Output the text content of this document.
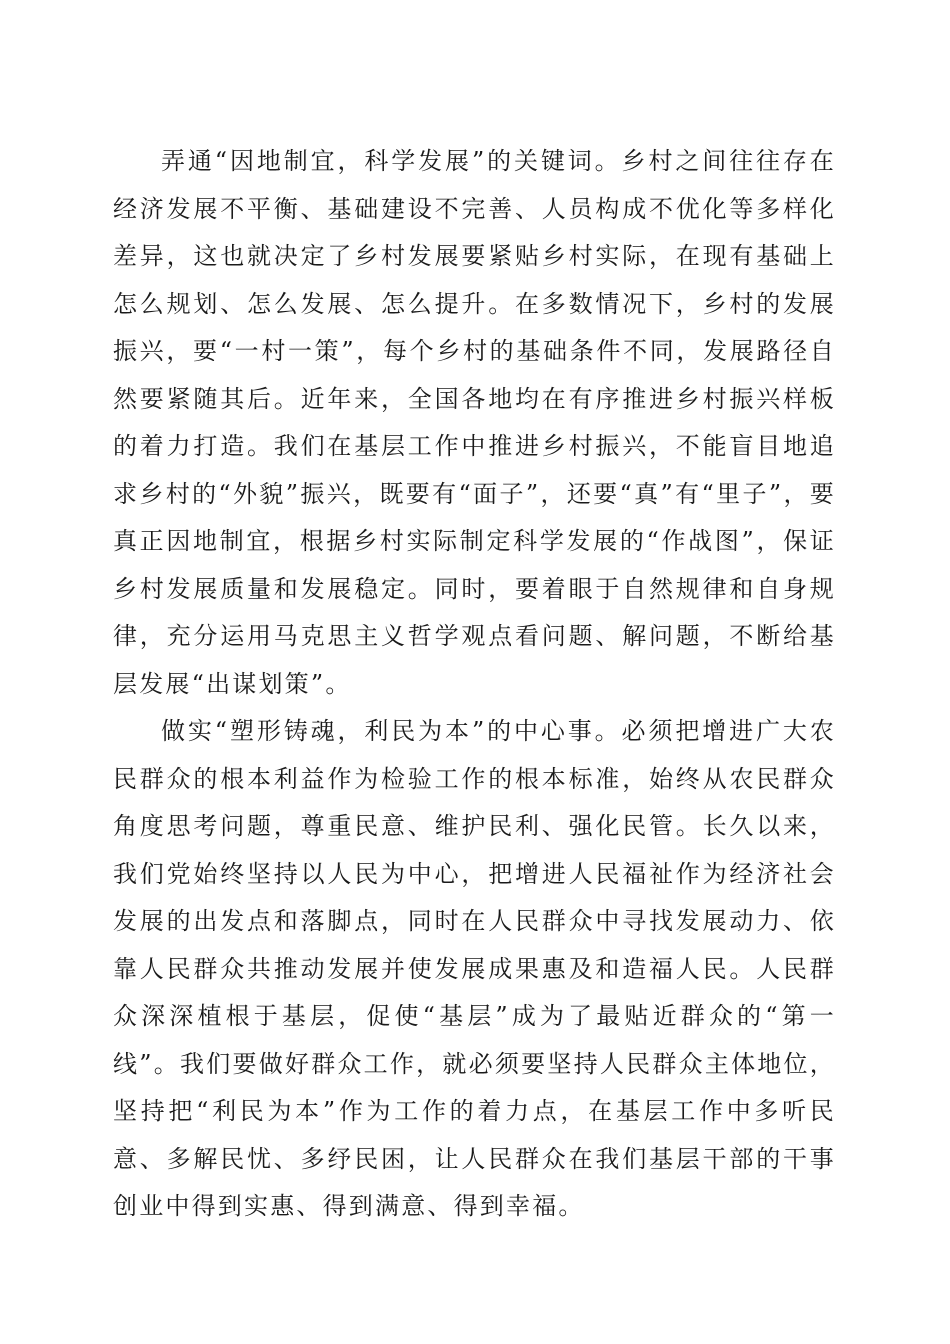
弄通“因地制宜，科学发展”的关键词。乡村之间往往存在经济发展不平衡、基础建设不完善、人员构成不优化等多样化差异，这也就决定了乡村发展要紧贴乡村实际，在现有基础上怎么规划、怎么发展、怎么提升。在多数情况下，乡村的发展振兴，要“一村一策”，每个乡村的基础条件不同，发展路径自然要紧随其后。近年来，全国各地均在有序推进乡村振兴样板的着力打造。我们在基层工作中推进乡村振兴，不能盲目地追求乡村的“外貌”振兴，既要有“面子”，还要“真”有“里子”，要真正因地制宜，根据乡村实际制定科学发展的“作战图”，保证乡村发展质量和发展稳定。同时，要着眼于自然规律和自身规律，充分运用马克思主义哲学观点看问题、解问题，不断给基层发展“出谋划策”。

做实“塑形铸魂，利民为本”的中心事。必须把增进广大农民群众的根本利益作为检验工作的根本标准，始终从农民群众角度思考问题，尊重民意、维护民利、强化民管。长久以来，我们党始终坚持以人民为中心，把增进人民福祉作为经济社会发展的出发点和落脚点，同时在人民群众中寻找发展动力、依靠人民群众共推动发展并使发展成果惠及和造福人民。人民群众深深植根于基层，促使“基层”成为了最贴近群众的“第一线”。我们要做好群众工作，就必须要坚持人民群众主体地位，坚持把“利民为本”作为工作的着力点，在基层工作中多听民意、多解民忧、多纾民困，让人民群众在我们基层干部的干事创业中得到实惠、得到满意、得到幸福。
